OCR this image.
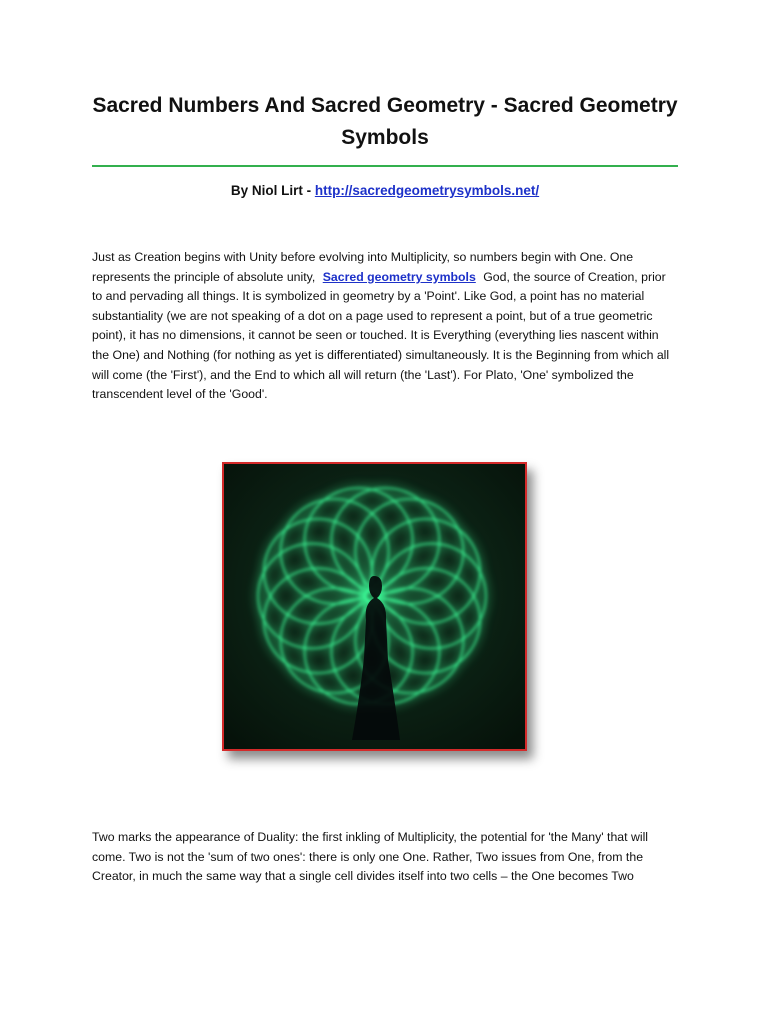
Sacred Numbers And Sacred Geometry - Sacred Geometry Symbols
By Niol Lirt - http://sacredgeometrysymbols.net/
Just as Creation begins with Unity before evolving into Multiplicity, so numbers begin with One. One represents the principle of absolute unity, Sacred geometry symbols God, the source of Creation, prior to and pervading all things. It is symbolized in geometry by a 'Point'. Like God, a point has no material substantiality (we are not speaking of a dot on a page used to represent a point, but of a true geometric point), it has no dimensions, it cannot be seen or touched. It is Everything (everything lies nascent within the One) and Nothing (for nothing as yet is differentiated) simultaneously. It is the Beginning from which all will come (the 'First'), and the End to which all will return (the 'Last'). For Plato, 'One' symbolized the transcendent level of the 'Good'.
Two marks the appearance of Duality: the first inkling of Multiplicity, the potential for 'the Many' that will come. Two is not the 'sum of two ones': there is only one One. Rather, Two issues from One, from the Creator, in much the same way that a single cell divides itself into two cells – the One becomes Two
